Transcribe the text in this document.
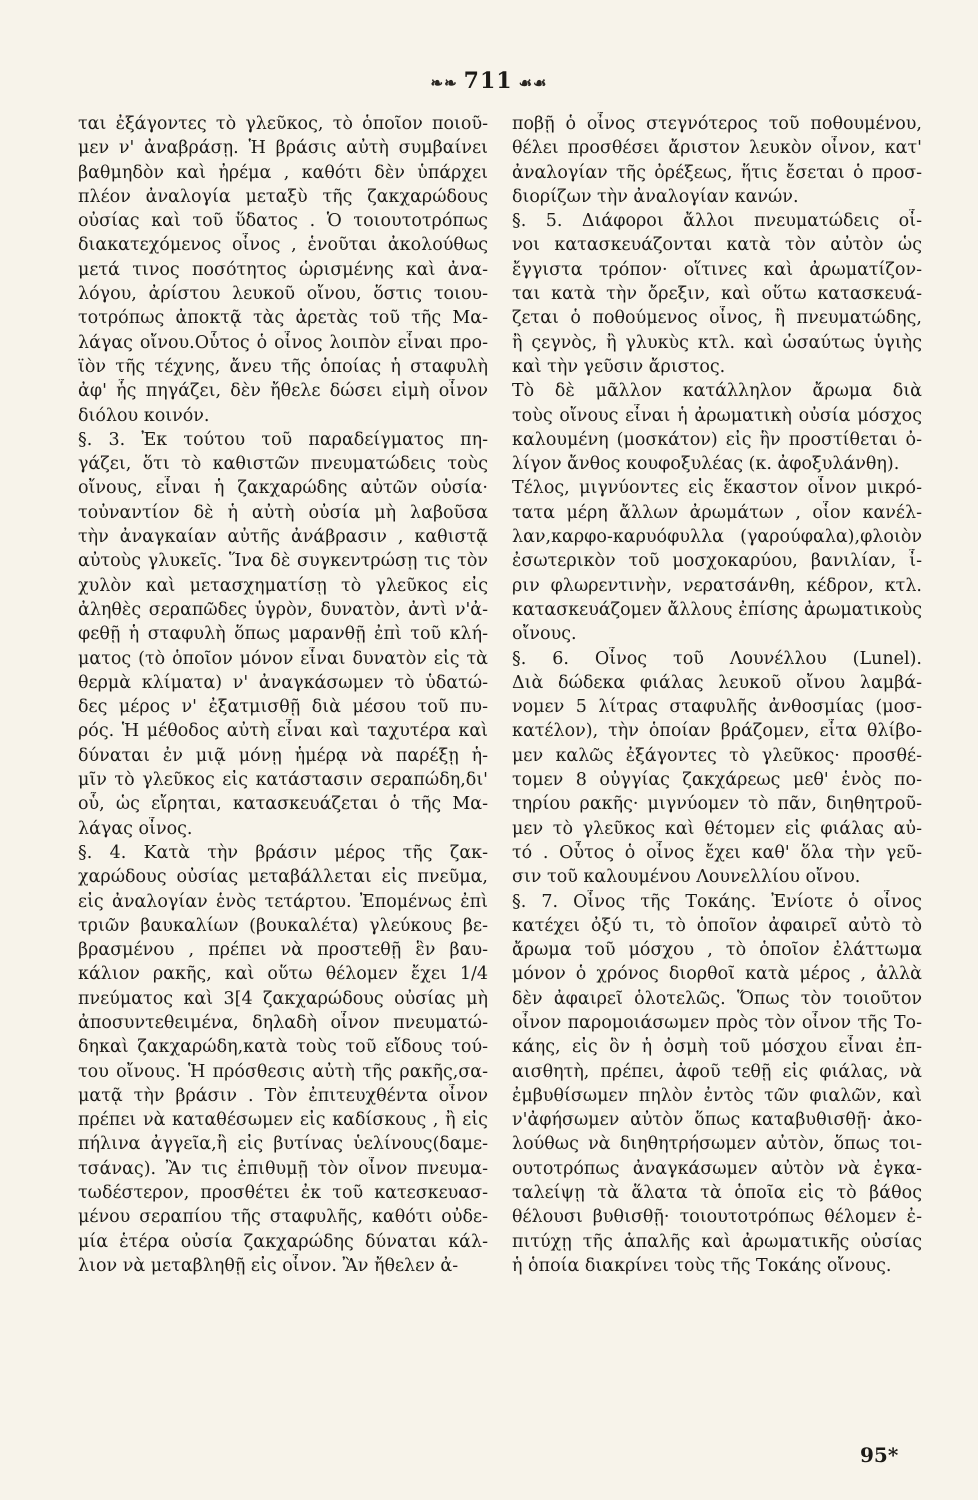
❧❧ 711 ☙☙
ται ἐξάγοντες τὸ γλεῦκος, τὸ ὁποῖον ποιοῦ-
μεν ν' ἀναβράσῃ. Ἡ βράσις αὐτὴ συμβαίνει
βαθμηδὸν καὶ ἠρέμα , καθότι δὲν ὑπάρχει
πλέον ἀναλογία μεταξὺ τῆς ζακχαρώδους
οὐσίας καὶ τοῦ ὕδατος . Ὁ τοιουτοτρόπως
διακατεχόμενος οἶνος , ἑνοῦται ἀκολούθως
μετά τινος ποσότητος ὡρισμένης καὶ ἀνα-
λόγου, ἀρίστου λευκοῦ οἴνου, ὅστις τοιου-
τοτρόπως ἀποκτᾷ τὰς ἀρετὰς τοῦ τῆς Μα-
λάγας οἴνου.Οὗτος ὁ οἶνος λοιπὸν εἶναι προ-
ϊὸν τῆς τέχνης, ἄνευ τῆς ὁποίας ἡ σταφυλὴ
ἀφ' ἧς πηγάζει, δὲν ἤθελε δώσει εἰμὴ οἶνον
διόλου κοινόν.
§. 3. Ἐκ τούτου τοῦ παραδείγματος πη-
γάζει, ὅτι τὸ καθιστῶν πνευματώδεις τοὺς
οἴνους, εἶναι ἡ ζακχαρώδης αὐτῶν οὐσία·
τοὐναντίον δὲ ἡ αὐτὴ οὐσία μὴ λαβοῦσα
τὴν ἀναγκαίαν αὐτῆς ἀνάβρασιν , καθιστᾷ
αὐτοὺς γλυκεῖς. Ἵνα δὲ συγκεντρώσῃ τις τὸν
χυλὸν καὶ μετασχηματίσῃ τὸ γλεῦκος εἰς
ἀληθὲς σεραπῶδες ὑγρὸν, δυνατὸν, ἀντὶ ν'ἀ-
φεθῇ ἡ σταφυλὴ ὅπως μαρανθῇ ἐπὶ τοῦ κλή-
ματος (τὸ ὁποῖον μόνον εἶναι δυνατὸν εἰς τὰ
θερμὰ κλίματα) ν' ἀναγκάσωμεν τὸ ὑδατώ-
δες μέρος ν' ἐξατμισθῇ διὰ μέσου τοῦ πυ-
ρός. Ἡ μέθοδος αὐτὴ εἶναι καὶ ταχυτέρα καὶ
δύναται ἐν μιᾷ μόνῃ ἡμέρᾳ νὰ παρέξῃ ἡ-
μῖν τὸ γλεῦκος εἰς κατάστασιν σεραπώδη,δι'
οὗ, ὡς εἴρηται, κατασκευάζεται ὁ τῆς Μα-
λάγας οἶνος.
§. 4. Κατὰ τὴν βράσιν μέρος τῆς ζακ-
χαρώδους οὐσίας μεταβάλλεται εἰς πνεῦμα,
εἰς ἀναλογίαν ἑνὸς τετάρτου. Ἐπομένως ἐπὶ
τριῶν βαυκαλίων (βουκαλέτα) γλεύκους βε-
βρασμένου , πρέπει νὰ προστεθῇ ἓν βαυ-
κάλιον ρακῆς, καὶ οὕτω θέλομεν ἔχει 1/4
πνεύματος καὶ 3[4 ζακχαρώδους οὐσίας μὴ
ἀποσυντεθειμένα, δηλαδὴ οἶνον πνευματώ-
δηκαὶ ζακχαρώδη,κατὰ τοὺς τοῦ εἴδους τού-
του οἴνους. Ἡ πρόσθεσις αὐτὴ τῆς ρακῆς,σα-
ματᾷ τὴν βράσιν . Τὸν ἐπιτευχθέντα οἶνον
πρέπει νὰ καταθέσωμεν εἰς καδίσκους , ἢ εἰς
πήλινα ἀγγεῖα,ἢ εἰς βυτίνας ὑελίνους(δαμε-
τσάνας). Ἂν τις ἐπιθυμῇ τὸν οἶνον πνευμα-
τωδέστερον, προσθέτει ἐκ τοῦ κατεσκευασ-
μένου σεραπίου τῆς σταφυλῆς, καθότι οὐδε-
μία ἑτέρα οὐσία ζακχαρώδης δύναται κάλ-
λιον νὰ μεταβληθῇ εἰς οἶνον. Ἂν ἤθελεν ἀ-
ποβῇ ὁ οἶνος στεγνότερος τοῦ ποθουμένου,
θέλει προσθέσει ἄριστον λευκὸν οἶνον, κατ'
ἀναλογίαν τῆς ὀρέξεως, ἥτις ἔσεται ὁ προσ-
διορίζων τὴν ἀναλογίαν κανών.
§. 5. Διάφοροι ἄλλοι πνευματώδεις οἶ-
νοι κατασκευάζονται κατὰ τὸν αὐτὸν ὡς
ἔγγιστα τρόπον· οἵτινες καὶ ἀρωματίζον-
ται κατὰ τὴν ὄρεξιν, καὶ οὕτω κατασκευά-
ζεται ὁ ποθούμενος οἶνος, ἢ πνευματώδης,
ἢ ςεγνὸς, ἢ γλυκὺς κτλ. καὶ ὡσαύτως ὑγιὴς
καὶ τὴν γεῦσιν ἄριστος.
Τὸ δὲ μᾶλλον κατάλληλον ἄρωμα διὰ
τοὺς οἴνους εἶναι ἡ ἀρωματικὴ οὐσία μόσχος
καλουμένη (μοσκάτον) εἰς ἣν προστίθεται ὀ-
λίγον ἄνθος κουφοξυλέας (κ. ἀφοξυλάνθη).
Τέλος, μιγνύοντες εἰς ἕκαστον οἶνον μικρό-
τατα μέρη ἄλλων ἀρωμάτων , οἷον κανέλ-
λαν,καρφο-καρυόφυλλα (γαρούφαλα),φλοιὸν
ἐσωτερικὸν τοῦ μοσχοκαρύου, βανιλίαν, ἶ-
ριν φλωρεντινὴν, νερατσάνθη, κέδρον, κτλ.
κατασκευάζομεν ἄλλους ἐπίσης ἀρωματικοὺς
οἴνους.
§. 6. Οἶνος τοῦ Λουνέλλου (Lunel).
Διὰ δώδεκα φιάλας λευκοῦ οἴνου λαμβά-
νομεν 5 λίτρας σταφυλῆς ἀνθοσμίας (μοσ-
κατέλον), τὴν ὁποίαν βράζομεν, εἶτα θλίβο-
μεν καλῶς ἐξάγοντες τὸ γλεῦκος· προσθέ-
τομεν 8 οὐγγίας ζακχάρεως μεθ' ἑνὸς πο-
τηρίου ρακῆς· μιγνύομεν τὸ πᾶν, διηθητροῦ-
μεν τὸ γλεῦκος καὶ θέτομεν εἰς φιάλας αὐ-
τό . Οὗτος ὁ οἶνος ἔχει καθ' ὅλα τὴν γεῦ-
σιν τοῦ καλουμένου Λουνελλίου οἴνου.
§. 7. Οἶνος τῆς Τοκάης. Ἐνίοτε ὁ οἶνος
κατέχει ὀξύ τι, τὸ ὁποῖον ἀφαιρεῖ αὐτὸ τὸ
ἄρωμα τοῦ μόσχου , τὸ ὁποῖον ἐλάττωμα
μόνον ὁ χρόνος διορθοῖ κατὰ μέρος , ἀλλὰ
δὲν ἀφαιρεῖ ὁλοτελῶς. Ὅπως τὸν τοιοῦτον
οἶνον παρομοιάσωμεν πρὸς τὸν οἶνον τῆς Το-
κάης, εἰς ὃν ἡ ὀσμὴ τοῦ μόσχου εἶναι ἐπ-
αισθητὴ, πρέπει, ἀφοῦ τεθῇ εἰς φιάλας, νὰ
ἐμβυθίσωμεν πηλὸν ἐντὸς τῶν φιαλῶν, καὶ
ν'ἀφήσωμεν αὐτὸν ὅπως καταβυθισθῇ· ἀκο-
λούθως νὰ διηθητρήσωμεν αὐτὸν, ὅπως τοι-
ουτοτρόπως ἀναγκάσωμεν αὐτὸν νὰ ἐγκα-
ταλείψῃ τὰ ἅλατα τὰ ὁποῖα εἰς τὸ βάθος
θέλουσι βυθισθῇ· τοιουτοτρόπως θέλομεν ἐ-
πιτύχῃ τῆς ἁπαλῆς καὶ ἀρωματικῆς οὐσίας
ἡ ὁποία διακρίνει τοὺς τῆς Τοκάης οἴνους.
95*
